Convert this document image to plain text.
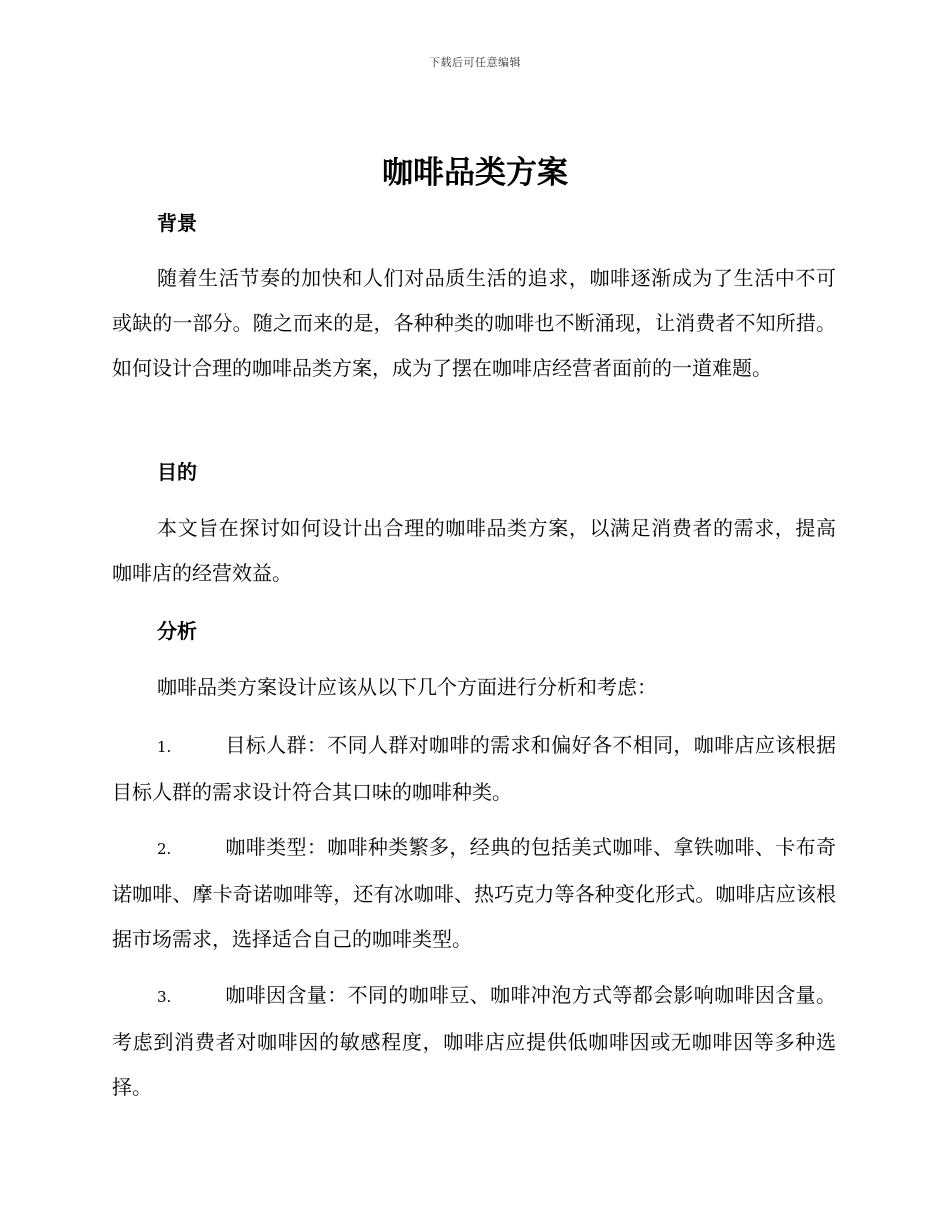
下载后可任意编辑
咖啡品类方案
背景

随着生活节奏的加快和人们对品质生活的追求，咖啡逐渐成为了生活中不可或缺的一部分。随之而来的是，各种种类的咖啡也不断涌现，让消费者不知所措。如何设计合理的咖啡品类方案，成为了摆在咖啡店经营者面前的一道难题。

目的

本文旨在探讨如何设计出合理的咖啡品类方案，以满足消费者的需求，提高咖啡店的经营效益。

分析

咖啡品类方案设计应该从以下几个方面进行分析和考虑：

1.	目标人群：不同人群对咖啡的需求和偏好各不相同，咖啡店应该根据目标人群的需求设计符合其口味的咖啡种类。

2.	咖啡类型：咖啡种类繁多，经典的包括美式咖啡、拿铁咖啡、卡布奇诺咖啡、摩卡奇诺咖啡等，还有冰咖啡、热巧克力等各种变化形式。咖啡店应该根据市场需求，选择适合自己的咖啡类型。

3.	咖啡因含量：不同的咖啡豆、咖啡冲泡方式等都会影响咖啡因含量。考虑到消费者对咖啡因的敏感程度，咖啡店应提供低咖啡因或无咖啡因等多种选择。
